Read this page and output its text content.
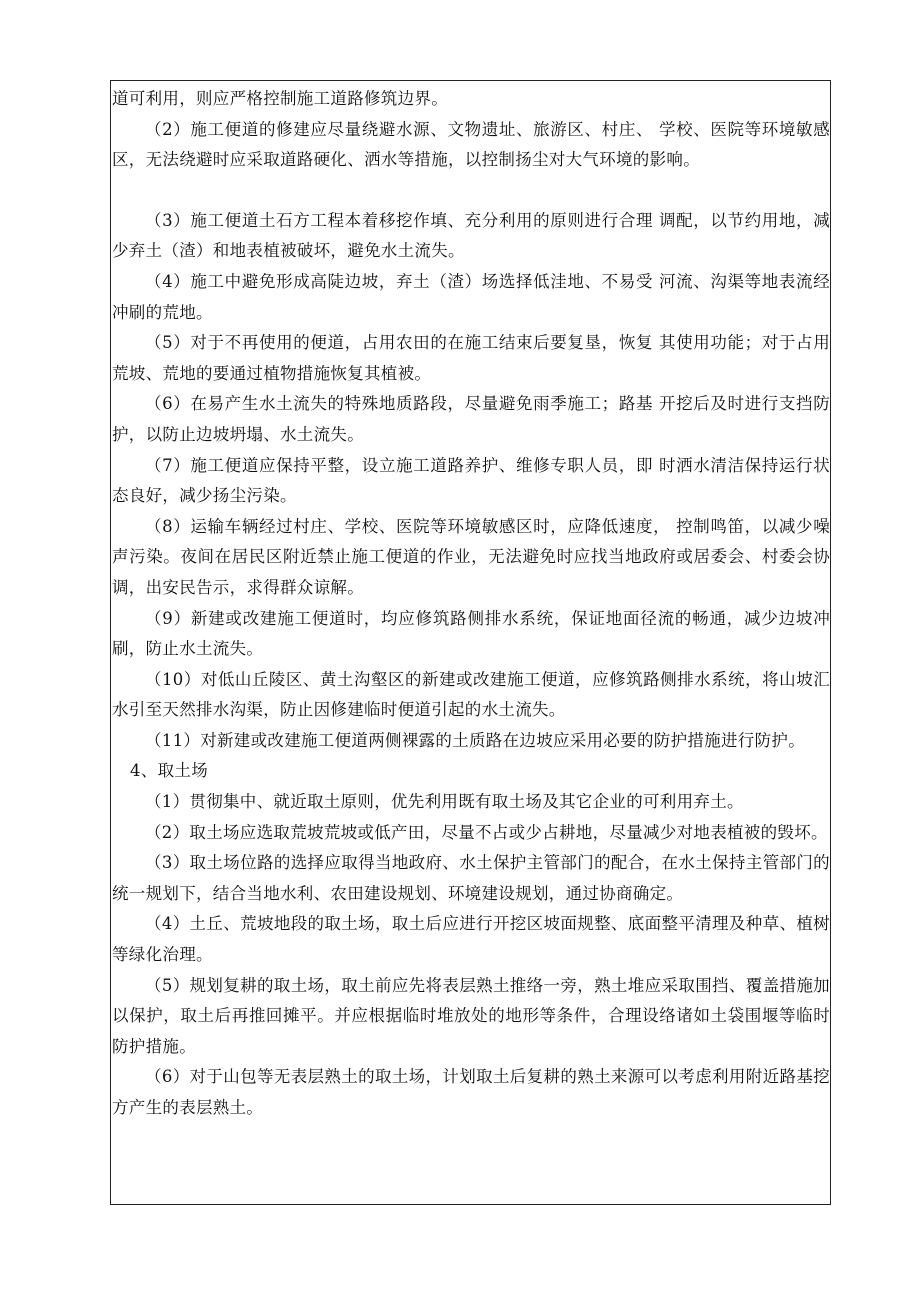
道可利用，则应严格控制施工道路修筑边界。

（2）施工便道的修建应尽量绕避水源、文物遗址、旅游区、村庄、 学校、医院等环境敏感区，无法绕避时应采取道路硬化、洒水等措施，以控制扬尘对大气环境的影响。

（3）施工便道土石方工程本着移挖作填、充分利用的原则进行合理 调配，以节约用地，减少弃土（渣）和地表植被破坏，避免水土流失。

（4）施工中避免形成高陡边坡，弃土（渣）场选择低洼地、不易受 河流、沟渠等地表流经冲刷的荒地。

（5）对于不再使用的便道，占用农田的在施工结束后要复垦，恢复 其使用功能；对于占用荒坡、荒地的要通过植物措施恢复其植被。

（6）在易产生水土流失的特殊地质路段，尽量避免雨季施工；路基 开挖后及时进行支挡防护，以防止边坡坍塌、水土流失。

（7）施工便道应保持平整，设立施工道路养护、维修专职人员，即 时洒水清洁保持运行状态良好，减少扬尘污染。

（8）运输车辆经过村庄、学校、医院等环境敏感区时，应降低速度， 控制鸣笛，以减少噪声污染。夜间在居民区附近禁止施工便道的作业，无法避免时应找当地政府或居委会、村委会协调，出安民告示，求得群众谅解。

（9）新建或改建施工便道时，均应修筑路侧排水系统，保证地面径流的畅通，减少边坡冲刷，防止水土流失。

（10）对低山丘陵区、黄土沟壑区的新建或改建施工便道，应修筑路侧排水系统，将山坡汇水引至天然排水沟渠，防止因修建临时便道引起的水土流失。

（11）对新建或改建施工便道两侧裸露的土质路在边坡应采用必要的防护措施进行防护。

4、取土场

（1）贯彻集中、就近取土原则，优先利用既有取土场及其它企业的可利用弃土。

（2）取土场应选取荒坡荒坡或低产田，尽量不占或少占耕地，尽量减少对地表植被的毁坏。

（3）取土场位路的选择应取得当地政府、水土保护主管部门的配合，在水土保持主管部门的统一规划下，结合当地水利、农田建设规划、环境建设规划，通过协商确定。

（4）土丘、荒坡地段的取土场，取土后应进行开挖区坡面规整、底面整平清理及种草、植树等绿化治理。

（5）规划复耕的取土场，取土前应先将表层熟土推络一旁，熟土堆应采取围挡、覆盖措施加以保护，取土后再推回摊平。并应根据临时堆放处的地形等条件，合理设络诸如土袋围堰等临时防护措施。

（6）对于山包等无表层熟土的取土场，计划取土后复耕的熟土来源可以考虑利用附近路基挖方产生的表层熟土。
